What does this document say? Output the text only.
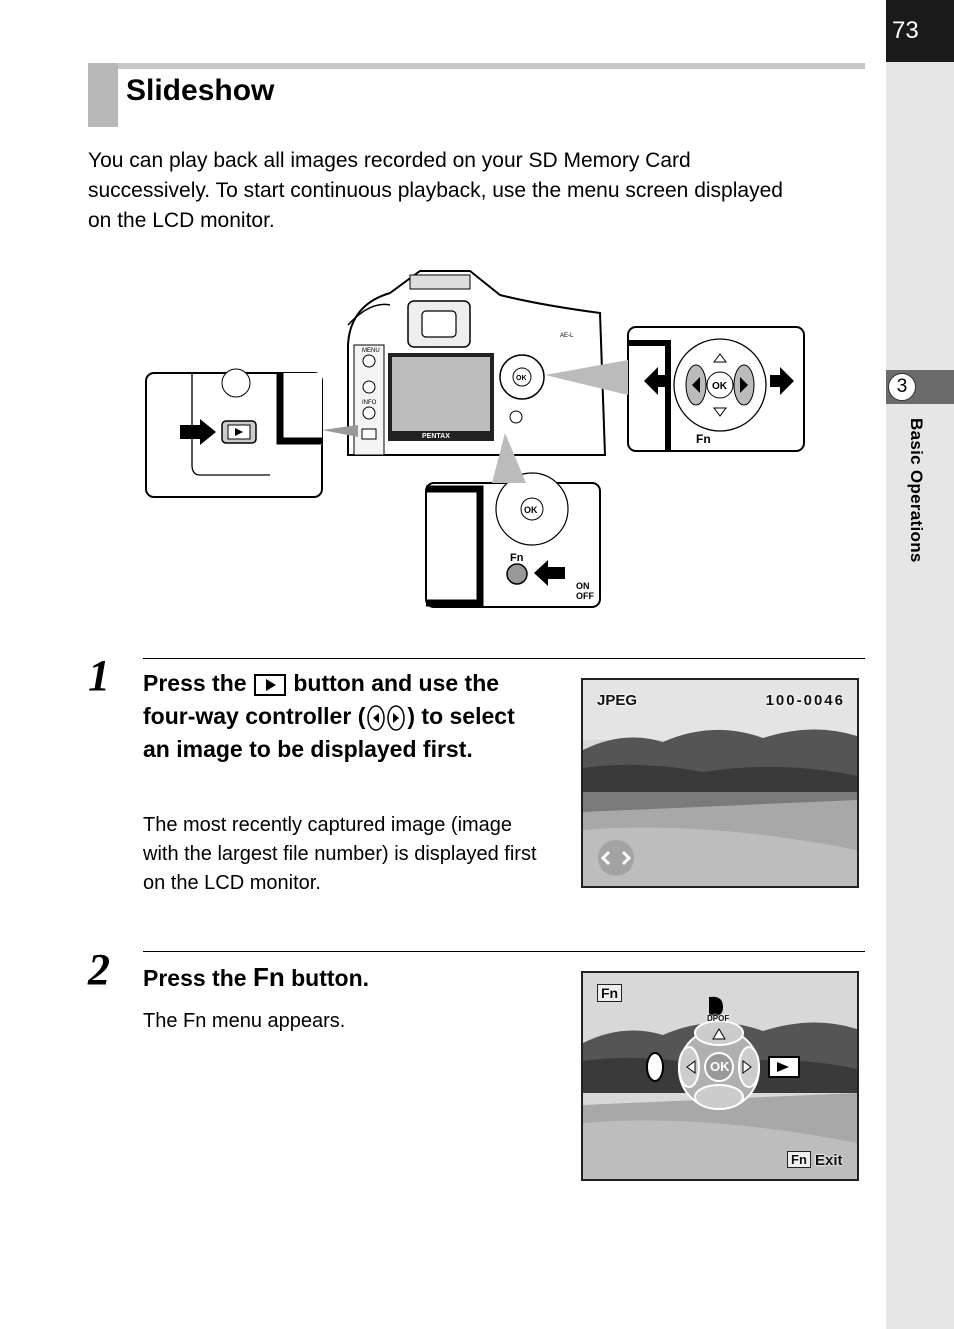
73
3
Basic Operations
Slideshow
You can play back all images recorded on your SD Memory Card successively. To start continuous playback, use the menu screen displayed on the LCD monitor.
MENU
INFO
PENTAX
OK
AE-L
OK
Fn
OK
Fn
ON
OFF
1 Press the button and use the four-way controller ( ) to select an image to be displayed first.
The most recently captured image (image with the largest file number) is displayed first on the LCD monitor.
JPEG	100-0046
2 Press the Fn button.
The Fn menu appears.
Fn
DPOF
OK
Fn Exit
